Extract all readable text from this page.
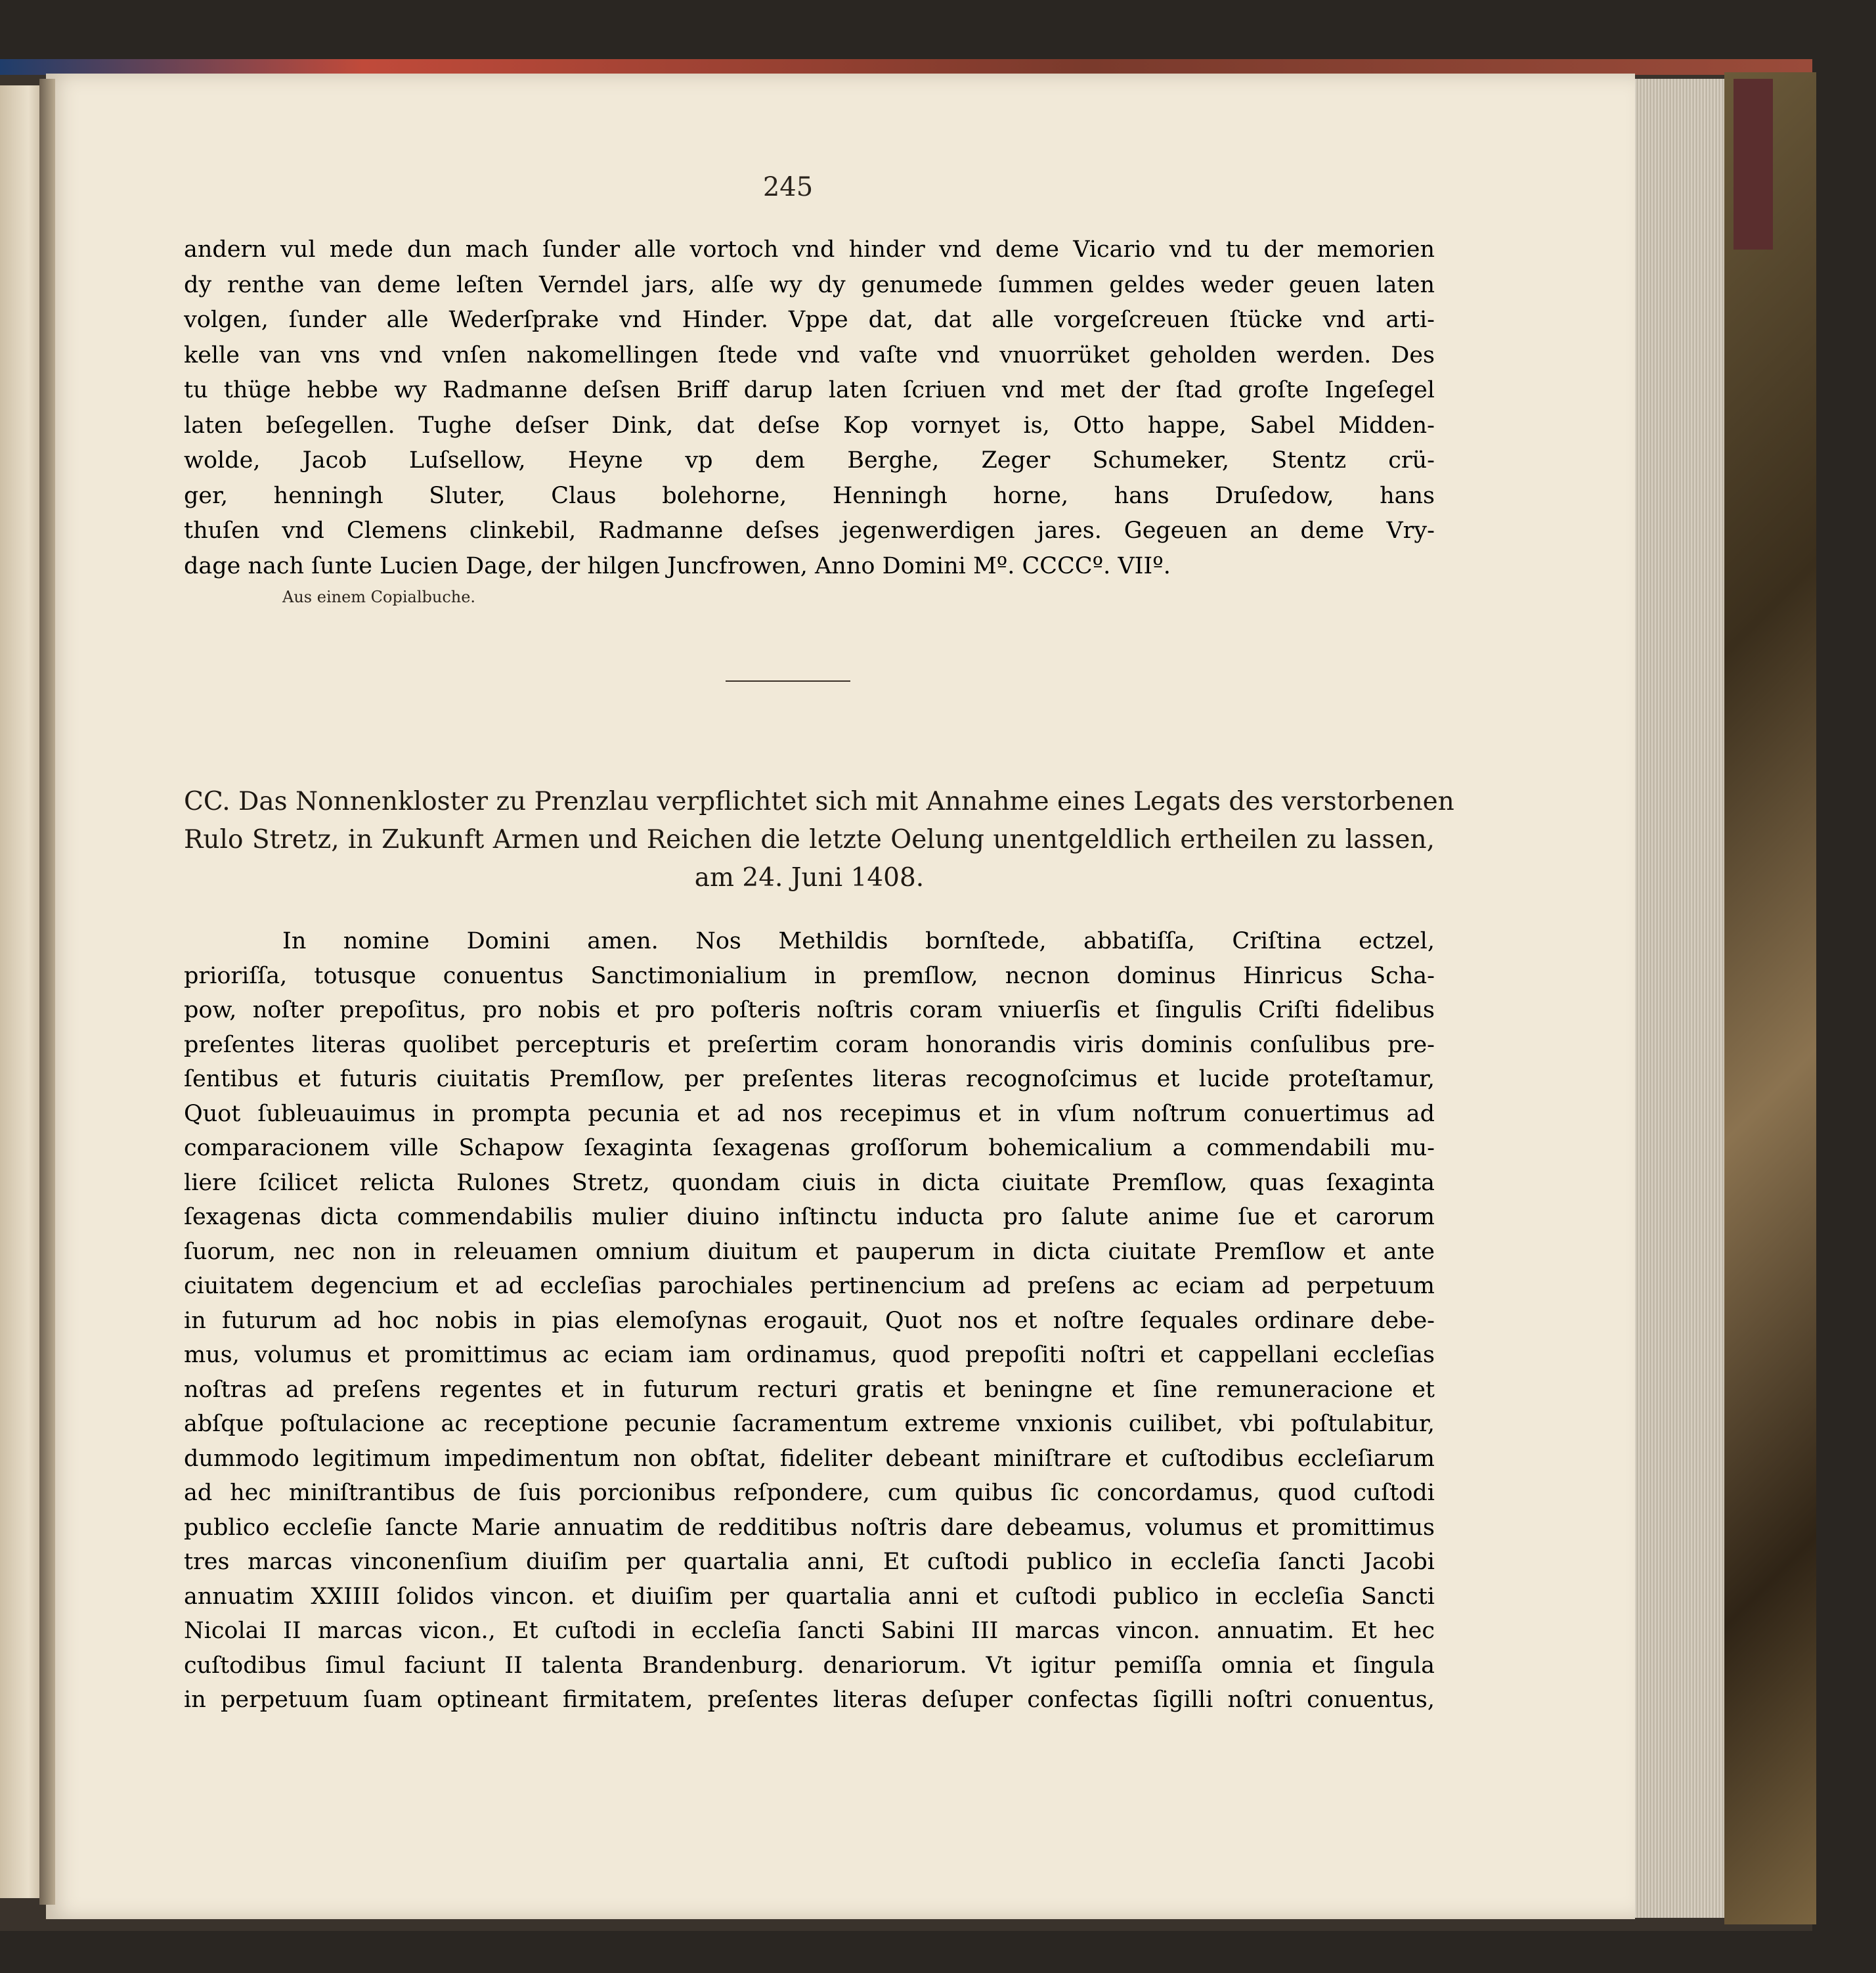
245
andern vul mede dun mach ſunder alle vortoch vnd hinder vnd deme Vicario vnd tu der memorien
dy renthe van deme leſten Verndel jars, alſe wy dy genumede ſummen geldes weder geuen laten
volgen, ſunder alle Wederſprake vnd Hinder. Vppe dat, dat alle vorgeſcreuen ſtücke vnd arti-
kelle van vns vnd vnſen nakomellingen ſtede vnd vaſte vnd vnuorrüket geholden werden. Des
tu thüge hebbe wy Radmanne deſsen Briff darup laten ſcriuen vnd met der ſtad groſte Ingeſegel
laten beſegellen. Tughe deſser Dink, dat deſse Kop vornyet is, Otto happe, Sabel Midden-
wolde, Jacob Luſsellow, Heyne vp dem Berghe, Zeger Schumeker, Stentz crü-
ger, henningh Sluter, Claus bolehorne, Henningh horne, hans Druſedow, hans
thuſen vnd Clemens clinkebil, Radmanne deſses jegenwerdigen jares. Gegeuen an deme Vry-
dage nach ſunte Lucien Dage, der hilgen Juncfrowen, Anno Domini Mº. CCCCº. VIIº.
Aus einem Copialbuche.
CC. Das Nonnenkloster zu Prenzlau verpflichtet sich mit Annahme eines Legats des verstorbenen
Rulo Stretz, in Zukunft Armen und Reichen die letzte Oelung unentgeldlich ertheilen zu lassen,
am 24. Juni 1408.
In nomine Domini amen. Nos Methildis bornſtede, abbatiſſa, Criſtina ectzel,
prioriſſa, totusque conuentus Sanctimonialium in premſlow, necnon dominus Hinricus Scha-
pow, noſter prepoſitus, pro nobis et pro poſteris noſtris coram vniuerſis et ſingulis Criſti fidelibus
preſentes literas quolibet percepturis et preſertim coram honorandis viris dominis conſulibus pre-
ſentibus et futuris ciuitatis Premſlow, per preſentes literas recognoſcimus et lucide proteſtamur,
Quot ſubleuauimus in prompta pecunia et ad nos recepimus et in vſum noſtrum conuertimus ad
comparacionem ville Schapow ſexaginta ſexagenas groſſorum bohemicalium a commendabili mu-
liere ſcilicet relicta Rulones Stretz, quondam ciuis in dicta ciuitate Premſlow, quas ſexaginta
ſexagenas dicta commendabilis mulier diuino inſtinctu inducta pro ſalute anime ſue et carorum
ſuorum, nec non in releuamen omnium diuitum et pauperum in dicta ciuitate Premſlow et ante
ciuitatem degencium et ad eccleſias parochiales pertinencium ad preſens ac eciam ad perpetuum
in futurum ad hoc nobis in pias elemoſynas erogauit, Quot nos et noſtre ſequales ordinare debe-
mus, volumus et promittimus ac eciam iam ordinamus, quod prepoſiti noſtri et cappellani eccleſias
noſtras ad preſens regentes et in futurum recturi gratis et beningne et ſine remuneracione et
abſque poſtulacione ac receptione pecunie ſacramentum extreme vnxionis cuilibet, vbi poſtulabitur,
dummodo legitimum impedimentum non obſtat, fideliter debeant miniſtrare et cuſtodibus eccleſiarum
ad hec miniſtrantibus de ſuis porcionibus reſpondere, cum quibus ſic concordamus, quod cuſtodi
publico eccleſie ſancte Marie annuatim de redditibus noſtris dare debeamus, volumus et promittimus
tres marcas vinconenſium diuiſim per quartalia anni, Et cuſtodi publico in eccleſia ſancti Jacobi
annuatim XXIIII ſolidos vincon. et diuiſim per quartalia anni et cuſtodi publico in eccleſia Sancti
Nicolai II marcas vicon., Et cuſtodi in eccleſia ſancti Sabini III marcas vincon. annuatim. Et hec
cuſtodibus ſimul faciunt II talenta Brandenburg. denariorum. Vt igitur pemiſſa omnia et ſingula
in perpetuum ſuam optineant firmitatem, preſentes literas deſuper confectas ſigilli noſtri conuentus,
